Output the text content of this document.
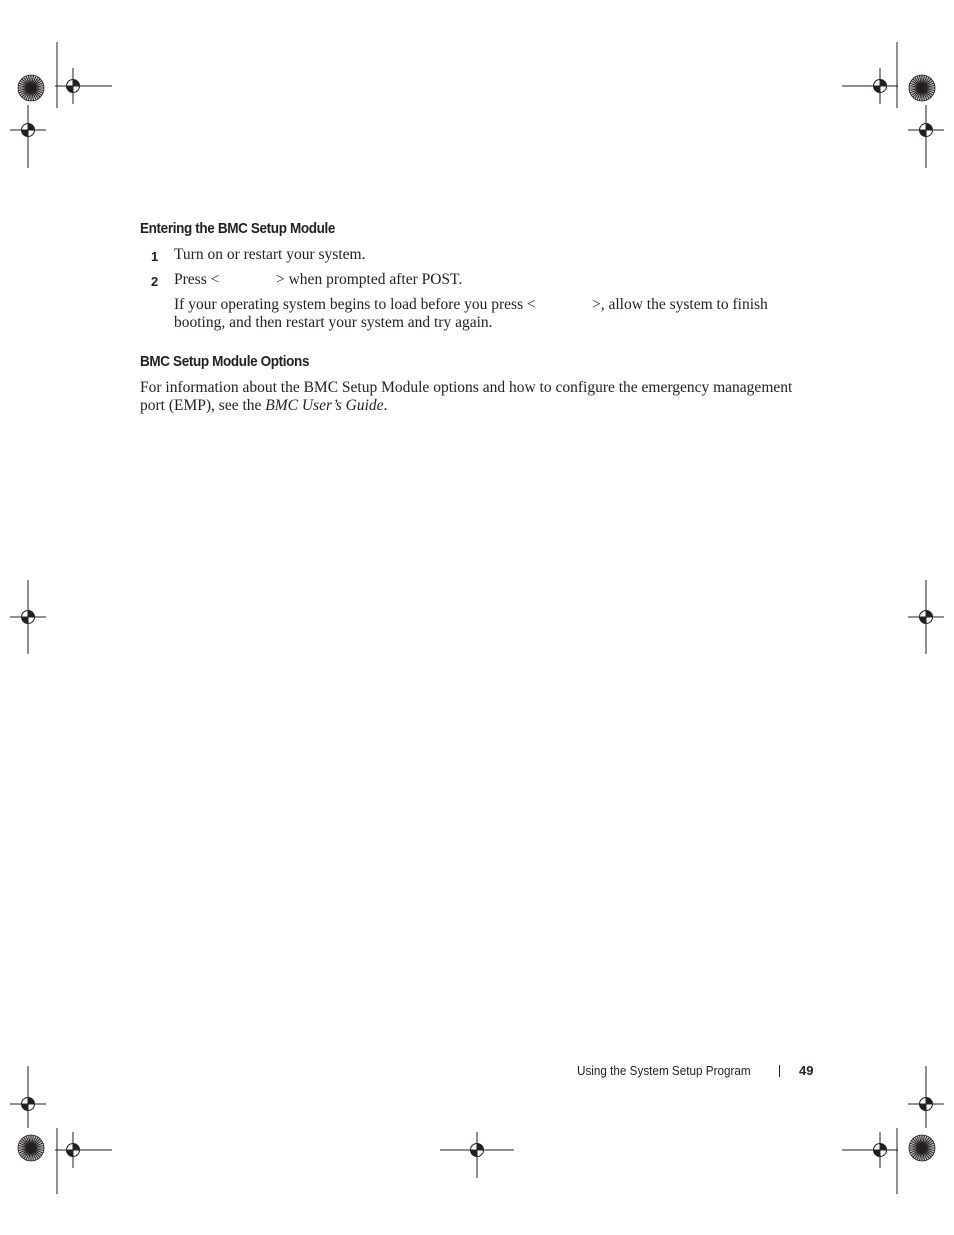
Entering the BMC Setup Module
1 Turn on or restart your system.
2 Press <	> when prompted after POST.
If your operating system begins to load before you press <	>, allow the system to finish
booting, and then restart your system and try again.
BMC Setup Module Options
For information about the BMC Setup Module options and how to configure the emergency management
port (EMP), see the BMC User’s Guide.
Using the System Setup Program	49
